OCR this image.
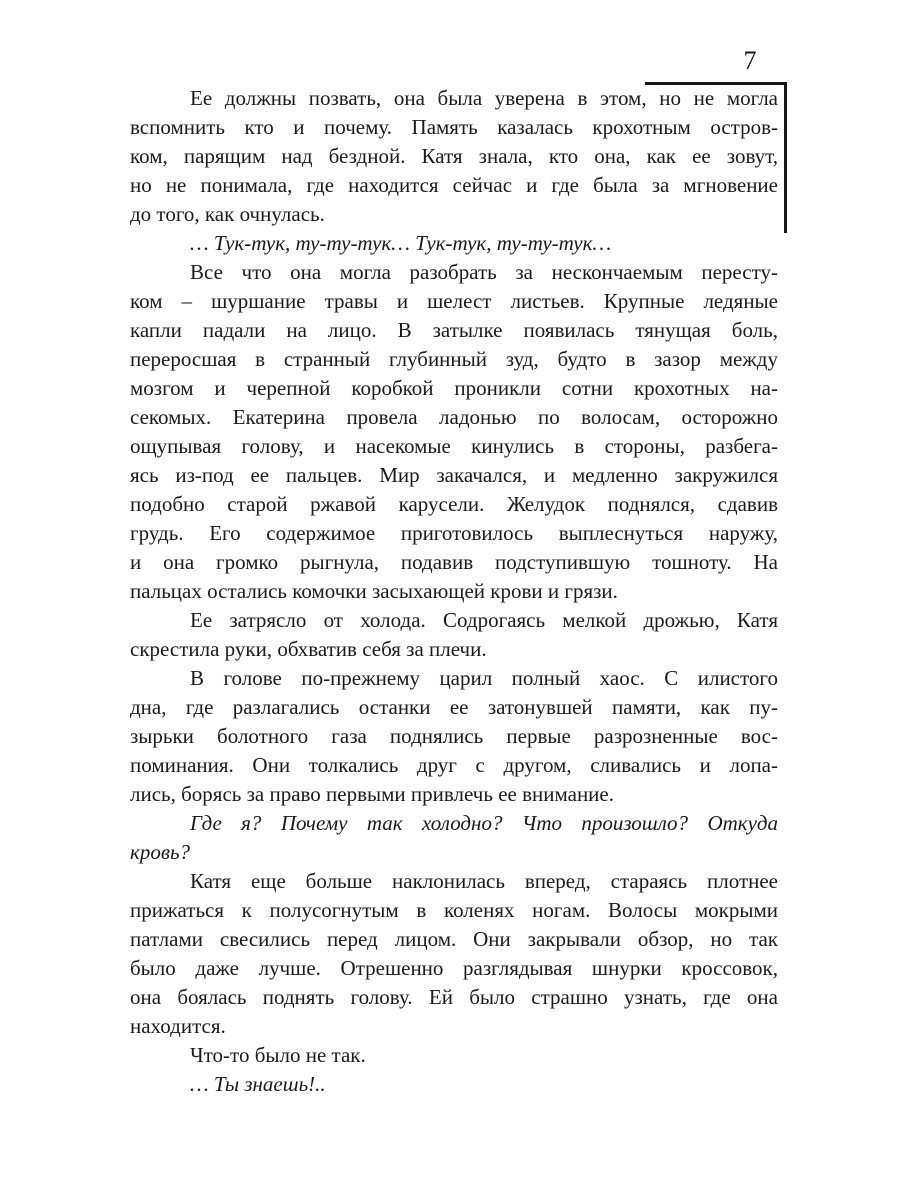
7
Ее должны позвать, она была уверена в этом, но не могла
вспомнить кто и почему. Память казалась крохотным остров-
ком, парящим над бездной. Катя знала, кто она, как ее зовут,
но не понимала, где находится сейчас и где была за мгновение
до того, как очнулась.
… Тук-тук, ту-ту-тук… Тук-тук, ту-ту-тук…
Все что она могла разобрать за нескончаемым пересту-
ком – шуршание травы и шелест листьев. Крупные ледяные
капли падали на лицо. В затылке появилась тянущая боль,
переросшая в странный глубинный зуд, будто в зазор между
мозгом и черепной коробкой проникли сотни крохотных на-
секомых. Екатерина провела ладонью по волосам, осторожно
ощупывая голову, и насекомые кинулись в стороны, разбега-
ясь из-под ее пальцев. Мир закачался, и медленно закружился
подобно старой ржавой карусели. Желудок поднялся, сдавив
грудь. Его содержимое приготовилось выплеснуться наружу,
и она громко рыгнула, подавив подступившую тошноту. На
пальцах остались комочки засыхающей крови и грязи.
Ее затрясло от холода. Содрогаясь мелкой дрожью, Катя
скрестила руки, обхватив себя за плечи.
В голове по-прежнему царил полный хаос. С илистого
дна, где разлагались останки ее затонувшей памяти, как пу-
зырьки болотного газа поднялись первые разрозненные вос-
поминания. Они толкались друг с другом, сливались и лопа-
лись, борясь за право первыми привлечь ее внимание.
Где я? Почему так холодно? Что произошло? Откуда
кровь?
Катя еще больше наклонилась вперед, стараясь плотнее
прижаться к полусогнутым в коленях ногам. Волосы мокрыми
патлами свесились перед лицом. Они закрывали обзор, но так
было даже лучше. Отрешенно разглядывая шнурки кроссовок,
она боялась поднять голову. Ей было страшно узнать, где она
находится.
Что-то было не так.
… Ты знаешь!..
